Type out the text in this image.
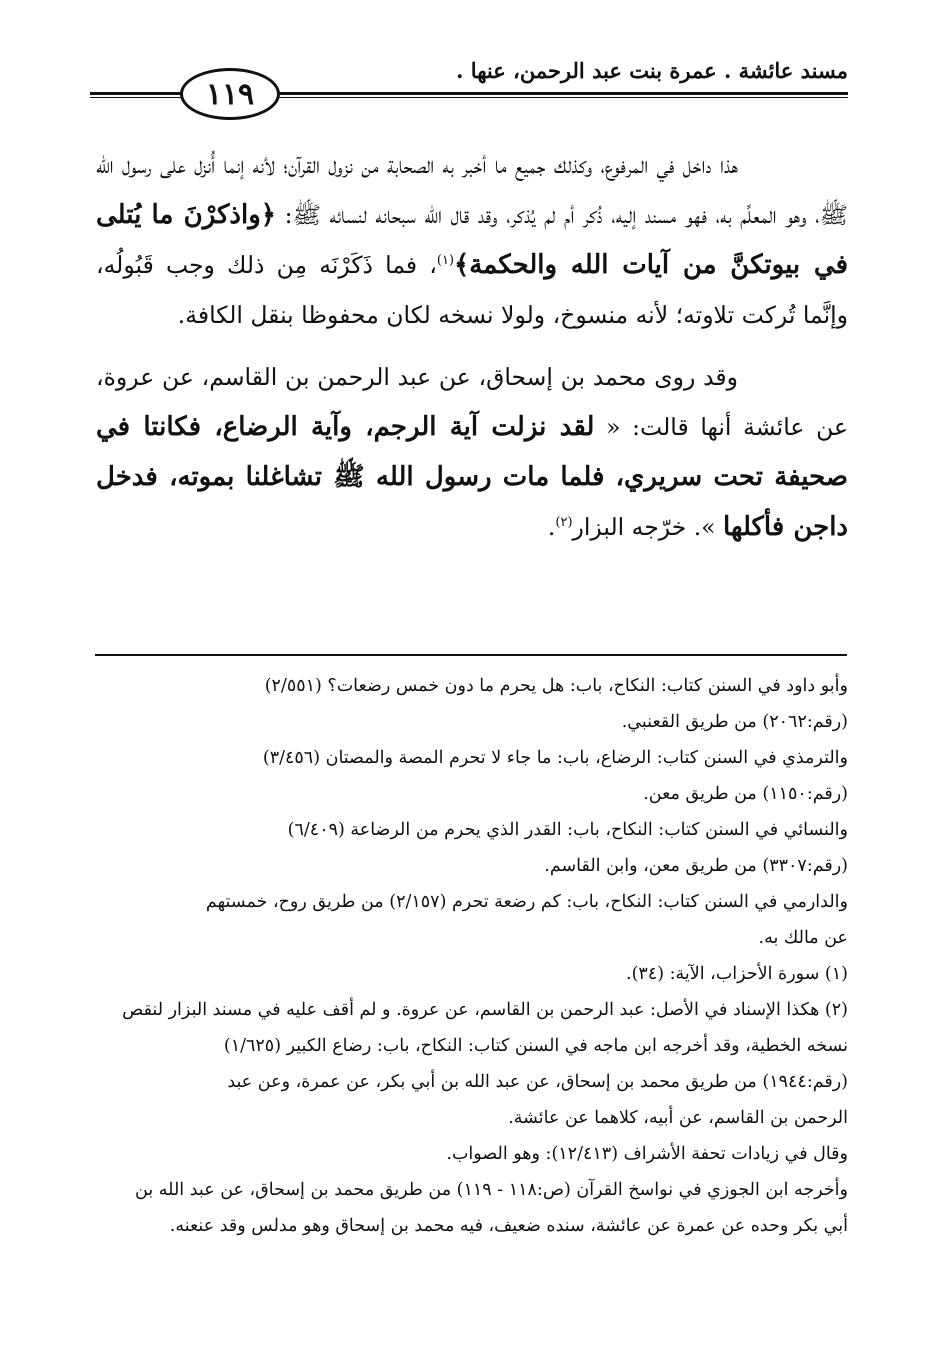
مسند عائشة . عمرة بنت عبد الرحمن، عنها .
١١٩

هذا داخل في المرفوع، وكذلك جميع ما أخبر به الصحابة من نزول القرآن؛ لأنه إنما أُنزل على رسول الله ﷺ، وهو المعلِّم به، فهو مسند إليه، ذُكر أم لم يُذكر، وقد قال الله سبحانه لنسائه ﷺ: ﴿واذكرْنَ ما يُتلى في بيوتكنَّ من آيات الله والحكمة﴾$^{(١)}$، فما ذَكَرْنَه مِن ذلك وجب قَبُولُه، وإنَّما تُركت تلاوته؛ لأنه منسوخ، ولولا نسخه لكان محفوظا بنقل الكافة.

وقد روى محمد بن إسحاق، عن عبد الرحمن بن القاسم، عن عروة، عن عائشة أنها قالت: « لقد نزلت آية الرجم، وآية الرضاع، فكانتا في صحيفة تحت سريري، فلما مات رسول الله ﷺ تشاغلنا بموته، فدخل داجن فأكلها ». خرّجه البزار$^{(٢)}$.

وأبو داود في السنن كتاب: النكاح، باب: هل يحرم ما دون خمس رضعات؟ (٢/٥٥١)

(رقم:٢٠٦٢) من طريق القعنبي.

والترمذي في السنن كتاب: الرضاع، باب: ما جاء لا تحرم المصة والمصتان (٣/٤٥٦)

(رقم:١١٥٠) من طريق معن.

والنسائي في السنن كتاب: النكاح، باب: القدر الذي يحرم من الرضاعة (٦/٤٠٩)

(رقم:٣٣٠٧) من طريق معن، وابن القاسم.

والدارمي في السنن كتاب: النكاح، باب: كم رضعة تحرم (٢/١٥٧) من طريق روح، خمستهم

عن مالك به.

(١) سورة الأحزاب، الآية: (٣٤).

(٢) هكذا الإسناد في الأصل: عبد الرحمن بن القاسم، عن عروة. و لم أقف عليه في مسند البزار لنقص

نسخه الخطية، وقد أخرجه ابن ماجه في السنن كتاب: النكاح، باب: رضاع الكبير (١/٦٢٥)

(رقم:١٩٤٤) من طريق محمد بن إسحاق، عن عبد الله بن أبي بكر، عن عمرة، وعن عبد

الرحمن بن القاسم، عن أبيه، كلاهما عن عائشة.

وقال في زيادات تحفة الأشراف (١٢/٤١٣): وهو الصواب.

وأخرجه ابن الجوزي في نواسخ القرآن (ص:١١٨ - ١١٩) من طريق محمد بن إسحاق، عن عبد الله بن

أبي بكر وحده عن عمرة عن عائشة، سنده ضعيف، فيه محمد بن إسحاق وهو مدلس وقد عنعنه.
